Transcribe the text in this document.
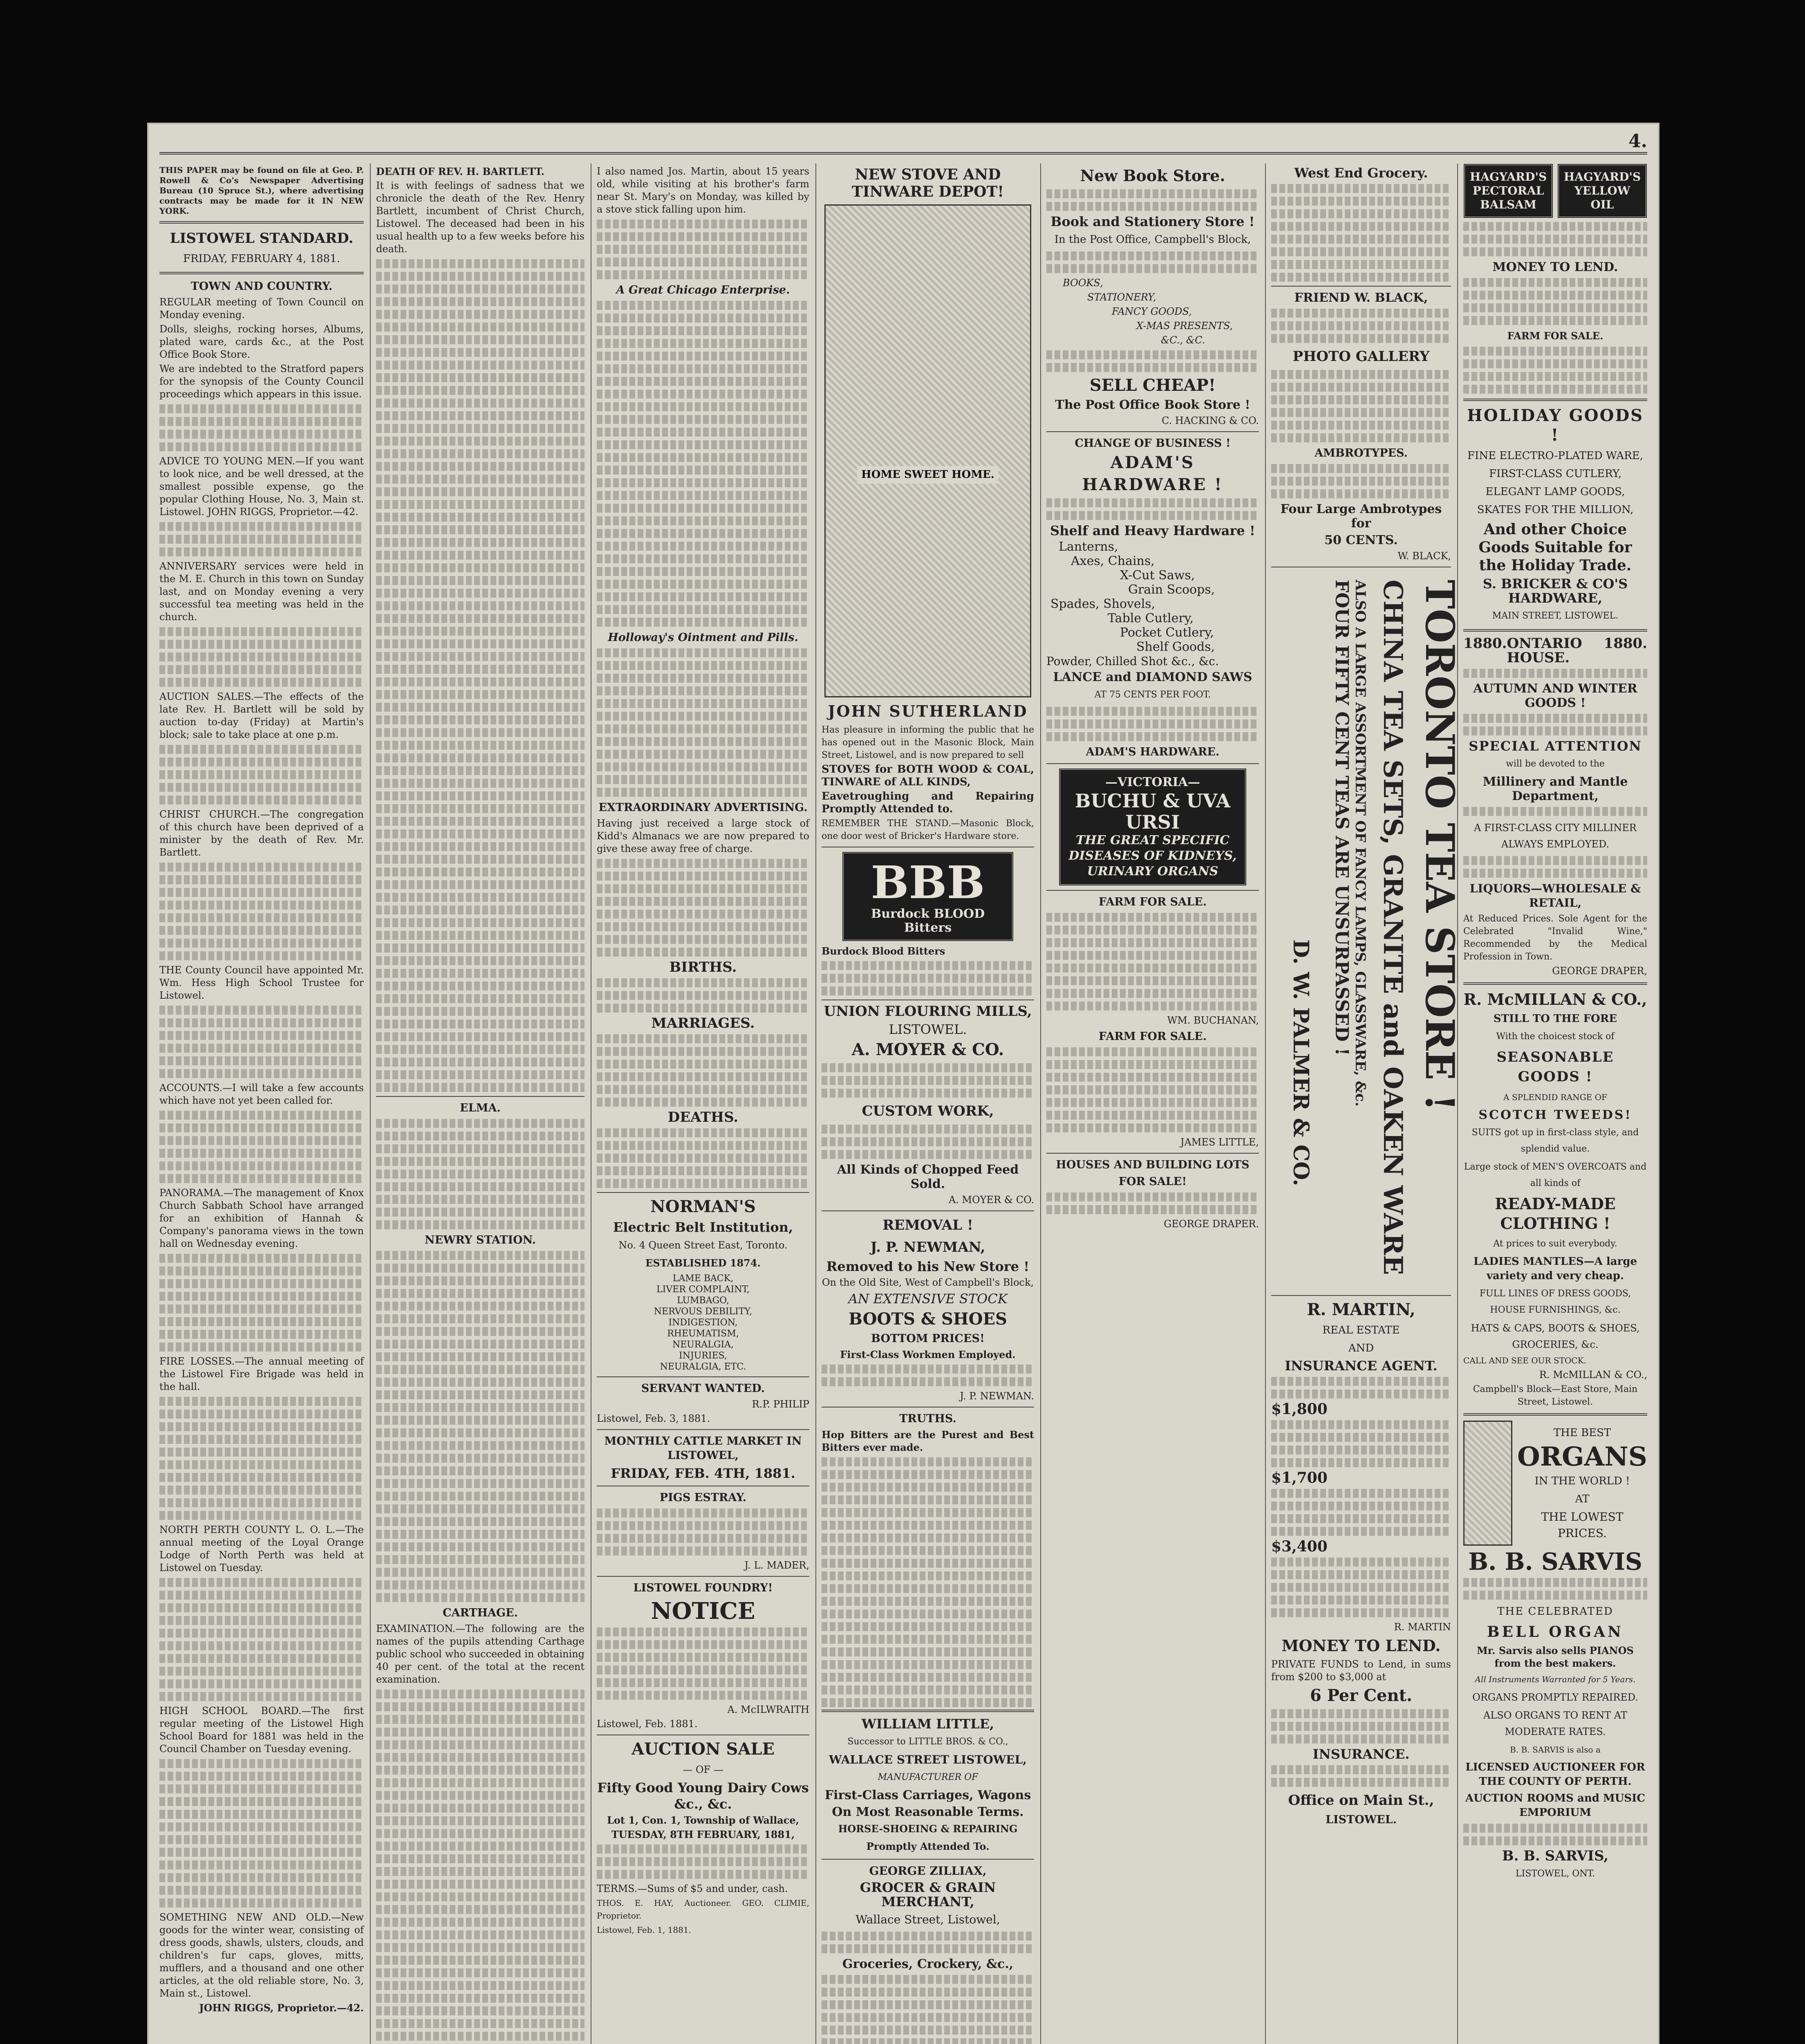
4.
THIS PAPER may be found on file at Geo. P. Rowell & Co's Newspaper Advertising Bureau (10 Spruce St.), where advertising contracts may be made for it IN NEW YORK.
LISTOWEL STANDARD.
FRIDAY, FEBRUARY 4, 1881.
TOWN AND COUNTRY.
REGULAR meeting of Town Council on Monday evening.
Dolls, sleighs, rocking horses, Albums, plated ware, cards &c., at the Post Office Book Store.
We are indebted to the Stratford papers for the synopsis of the County Council proceedings which appears in this issue.
ADVICE TO YOUNG MEN.—If you want to look nice, and be well dressed, at the smallest possible expense, go the popular Clothing House, No. 3, Main st. Listowel. JOHN RIGGS, Proprietor.—42.
ANNIVERSARY services were held in the M. E. Church in this town on Sunday last, and on Monday evening a very successful tea meeting was held in the church.
AUCTION SALES.—The effects of the late Rev. H. Bartlett will be sold by auction to-day (Friday) at Martin's block; sale to take place at one p.m.
CHRIST CHURCH.—The congregation of this church have been deprived of a minister by the death of Rev. Mr. Bartlett.
THE County Council have appointed Mr. Wm. Hess High School Trustee for Listowel.
ACCOUNTS.—I will take a few accounts which have not yet been called for.
PANORAMA.—The management of Knox Church Sabbath School have arranged for an exhibition of Hannah & Company's panorama views in the town hall on Wednesday evening.
FIRE LOSSES.—The annual meeting of the Listowel Fire Brigade was held in the hall.
NORTH PERTH COUNTY L. O. L.—The annual meeting of the Loyal Orange Lodge of North Perth was held at Listowel on Tuesday.
HIGH SCHOOL BOARD.—The first regular meeting of the Listowel High School Board for 1881 was held in the Council Chamber on Tuesday evening.
SOMETHING NEW AND OLD.—New goods for the winter wear, consisting of dress goods, shawls, ulsters, clouds, and children's fur caps, gloves, mitts, mufflers, and a thousand and one other articles, at the old reliable store, No. 3, Main st., Listowel.
JOHN RIGGS, Proprietor.—42.
DEATH OF REV. H. BARTLETT.
It is with feelings of sadness that we chronicle the death of the Rev. Henry Bartlett, incumbent of Christ Church, Listowel. The deceased had been in his usual health up to a few weeks before his death.
ELMA.
NEWRY STATION.
CARTHAGE.
EXAMINATION.—The following are the names of the pupils attending Carthage public school who succeeded in obtaining 40 per cent. of the total at the recent examination.
I also named Jos. Martin, about 15 years old, while visiting at his brother's farm near St. Mary's on Monday, was killed by a stove stick falling upon him.
A Great Chicago Enterprise.
Holloway's Ointment and Pills.
EXTRAORDINARY ADVERTISING.
Having just received a large stock of Kidd's Almanacs we are now prepared to give these away free of charge.
BIRTHS.
MARRIAGES.
DEATHS.
NORMAN'S
Electric Belt Institution,
No. 4 Queen Street East, Toronto.
ESTABLISHED 1874.
LAME BACK,
LIVER COMPLAINT,
LUMBAGO,
NERVOUS DEBILITY,
INDIGESTION,
RHEUMATISM,
NEURALGIA,
INJURIES,
NEURALGIA, ETC.
SERVANT WANTED.
R.P. PHILIP
Listowel, Feb. 3, 1881.
MONTHLY CATTLE MARKET IN LISTOWEL,
FRIDAY, FEB. 4TH, 1881.
PIGS ESTRAY.
J. L. MADER,
LISTOWEL FOUNDRY!
NOTICE
A. McILWRAITH
Listowel, Feb. 1881.
AUCTION SALE
— OF —
Fifty Good Young Dairy Cows &c., &c.
Lot 1, Con. 1, Township of Wallace,
TUESDAY, 8TH FEBRUARY, 1881,
TERMS.—Sums of $5 and under, cash.
THOS. E. HAY, Auctioneer. GEO. CLIMIE, Proprietor.
Listowel, Feb. 1, 1881.
NEW STOVE AND TINWARE DEPOT!
HOME SWEET HOME.
JOHN SUTHERLAND
Has pleasure in informing the public that he has opened out in the Masonic Block, Main Street, Listowel, and is now prepared to sell
STOVES for BOTH WOOD & COAL, TINWARE of ALL KINDS,
Eavetroughing and Repairing Promptly Attended to.
REMEMBER THE STAND.—Masonic Block, one door west of Bricker's Hardware store.
BBB
Burdock BLOOD Bitters
Burdock Blood Bitters
UNION FLOURING MILLS,
LISTOWEL.
A. MOYER & CO.
CUSTOM WORK,
All Kinds of Chopped Feed Sold.
A. MOYER & CO.
REMOVAL !
J. P. NEWMAN,
Removed to his New Store !
On the Old Site, West of Campbell's Block,
AN EXTENSIVE STOCK
BOOTS & SHOES
BOTTOM PRICES!
First-Class Workmen Employed.
J. P. NEWMAN.
TRUTHS.
Hop Bitters are the Purest and Best Bitters ever made.
New Book Store.
Book and Stationery Store !
In the Post Office, Campbell's Block,
BOOKS,
STATIONERY,
FANCY GOODS,
X-MAS PRESENTS,
&C., &C.
SELL CHEAP!
The Post Office Book Store !
C. HACKING & CO.
CHANGE OF BUSINESS !
ADAM'S
HARDWARE !
Shelf and Heavy Hardware !
Lanterns,
Axes, Chains,
X-Cut Saws,
Grain Scoops,
Spades, Shovels,
Table Cutlery,
Pocket Cutlery,
Shelf Goods,
Powder, Chilled Shot &c., &c.
LANCE and DIAMOND SAWS
AT 75 CENTS PER FOOT.
ADAM'S HARDWARE.
—VICTORIA—
BUCHU & UVA URSI
THE GREAT SPECIFIC
DISEASES OF KIDNEYS,
URINARY ORGANS
FARM FOR SALE.
WM. BUCHANAN,
FARM FOR SALE.
JAMES LITTLE,
HOUSES AND BUILDING LOTS
FOR SALE!
GEORGE DRAPER.
WILLIAM LITTLE,
Successor to LITTLE BROS. & CO.,
WALLACE STREET LISTOWEL,
MANUFACTURER OF
First-Class Carriages, Wagons
On Most Reasonable Terms.
HORSE-SHOEING & REPAIRING
Promptly Attended To.
GEORGE ZILLIAX,
GROCER & GRAIN MERCHANT,
Wallace Street, Listowel,
Groceries, Crockery, &c.,
West End Grocery.
FRIEND W. BLACK,
PHOTO GALLERY
AMBROTYPES.
Four Large Ambrotypes for
50 CENTS.
W. BLACK,
TORONTO TEA STORE !
CHINA TEA SETS, GRANITE and OAKEN WARE
ALSO A LARGE ASSORTMENT OF FANCY LAMPS, GLASSWARE, &c.
FOUR FIFTY CENT TEAS ARE UNSURPASSED !
D. W. PALMER & CO.
R. MARTIN,
REAL ESTATE
AND
INSURANCE AGENT.
$1,800
$1,700
$3,400
R. MARTIN
MONEY TO LEND.
PRIVATE FUNDS to Lend, in sums from $200 to $3,000 at
6 Per Cent.
INSURANCE.
Office on Main St.,
LISTOWEL.
HAGYARD'S PECTORAL BALSAM
HAGYARD'S YELLOW OIL
MONEY TO LEND.
FARM FOR SALE.
HOLIDAY GOODS !
FINE ELECTRO-PLATED WARE,
FIRST-CLASS CUTLERY,
ELEGANT LAMP GOODS,
SKATES FOR THE MILLION,
And other Choice Goods Suitable for the Holiday Trade.
S. BRICKER & CO'S HARDWARE,
MAIN STREET, LISTOWEL.
1880. ONTARIO HOUSE.
1880.
AUTUMN AND WINTER GOODS !
SPECIAL ATTENTION
will be devoted to the
Millinery and Mantle Department,
A FIRST-CLASS CITY MILLINER ALWAYS EMPLOYED.
LIQUORS—WHOLESALE & RETAIL,
At Reduced Prices. Sole Agent for the Celebrated "Invalid Wine," Recommended by the Medical Profession in Town.
GEORGE DRAPER,
R. McMILLAN & CO.,
STILL TO THE FORE
With the choicest stock of
SEASONABLE GOODS !
A SPLENDID RANGE OF
SCOTCH TWEEDS!
SUITS got up in first-class style, and splendid value.
Large stock of MEN'S OVERCOATS and all kinds of
READY-MADE CLOTHING !
At prices to suit everybody.
LADIES MANTLES—A large variety and very cheap.
FULL LINES OF DRESS GOODS, HOUSE FURNISHINGS, &c.
HATS & CAPS, BOOTS & SHOES, GROCERIES, &c.
CALL AND SEE OUR STOCK.
R. McMILLAN & CO.,
Campbell's Block—East Store, Main Street, Listowel.
THE BEST
ORGANS
IN THE WORLD !
AT
THE LOWEST PRICES.
B. B. SARVIS
THE CELEBRATED
BELL ORGAN
Mr. Sarvis also sells PIANOS from the best makers.
All Instruments Warranted for 5 Years.
ORGANS PROMPTLY REPAIRED.
ALSO ORGANS TO RENT AT MODERATE RATES.
B. B. SARVIS is also a
LICENSED AUCTIONEER FOR THE COUNTY OF PERTH.
AUCTION ROOMS and MUSIC EMPORIUM
B. B. SARVIS,
LISTOWEL, ONT.
